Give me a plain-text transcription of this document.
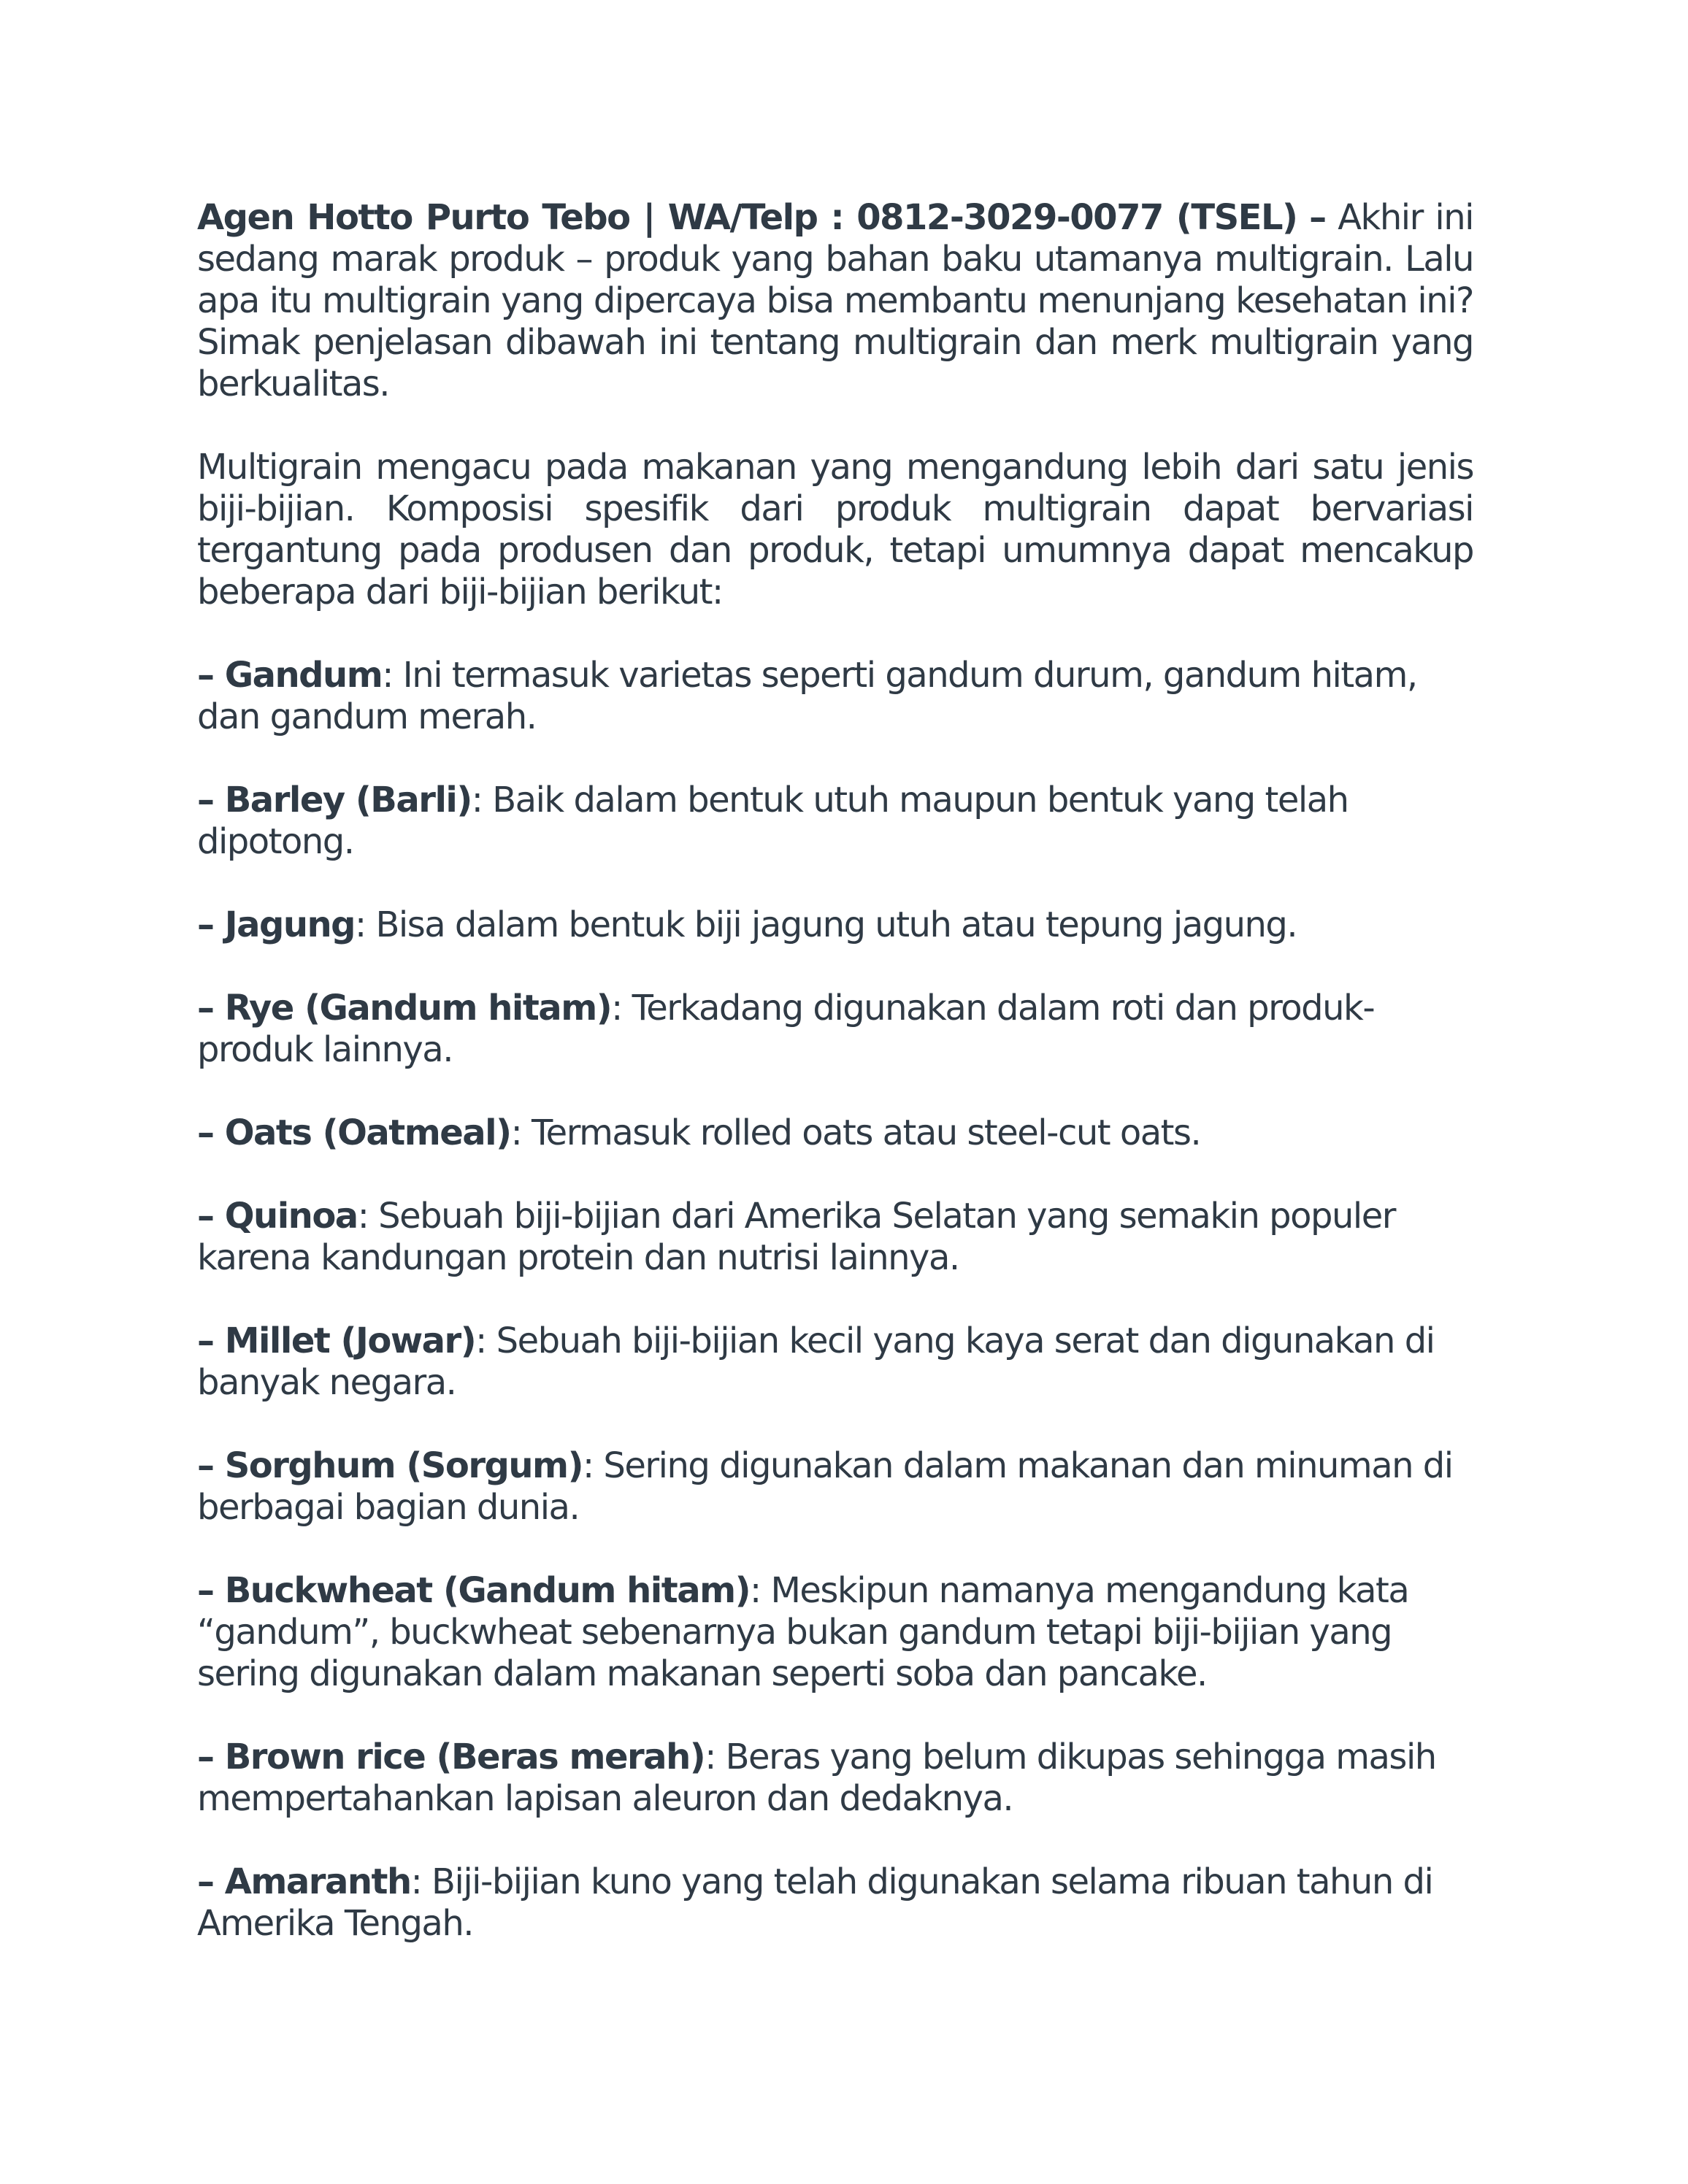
Agen Hotto Purto Tebo | WA/Telp : 0812-3029-0077 (TSEL) – Akhir ini sedang marak produk – produk yang bahan baku utamanya multigrain. Lalu apa itu multigrain yang dipercaya bisa membantu menunjang kesehatan ini? Simak penjelasan dibawah ini tentang multigrain dan merk multigrain yang berkualitas.

Multigrain mengacu pada makanan yang mengandung lebih dari satu jenis biji-bijian. Komposisi spesifik dari produk multigrain dapat bervariasi tergantung pada produsen dan produk, tetapi umumnya dapat mencakup beberapa dari biji-bijian berikut:

– Gandum: Ini termasuk varietas seperti gandum durum, gandum hitam, dan gandum merah.

– Barley (Barli): Baik dalam bentuk utuh maupun bentuk yang telah dipotong.

– Jagung: Bisa dalam bentuk biji jagung utuh atau tepung jagung.

– Rye (Gandum hitam): Terkadang digunakan dalam roti dan produk-produk lainnya.

– Oats (Oatmeal): Termasuk rolled oats atau steel-cut oats.

– Quinoa: Sebuah biji-bijian dari Amerika Selatan yang semakin populer karena kandungan protein dan nutrisi lainnya.

– Millet (Jowar): Sebuah biji-bijian kecil yang kaya serat dan digunakan di banyak negara.

– Sorghum (Sorgum): Sering digunakan dalam makanan dan minuman di berbagai bagian dunia.

– Buckwheat (Gandum hitam): Meskipun namanya mengandung kata “gandum”, buckwheat sebenarnya bukan gandum tetapi biji-bijian yang sering digunakan dalam makanan seperti soba dan pancake.

– Brown rice (Beras merah): Beras yang belum dikupas sehingga masih mempertahankan lapisan aleuron dan dedaknya.

– Amaranth: Biji-bijian kuno yang telah digunakan selama ribuan tahun di Amerika Tengah.
